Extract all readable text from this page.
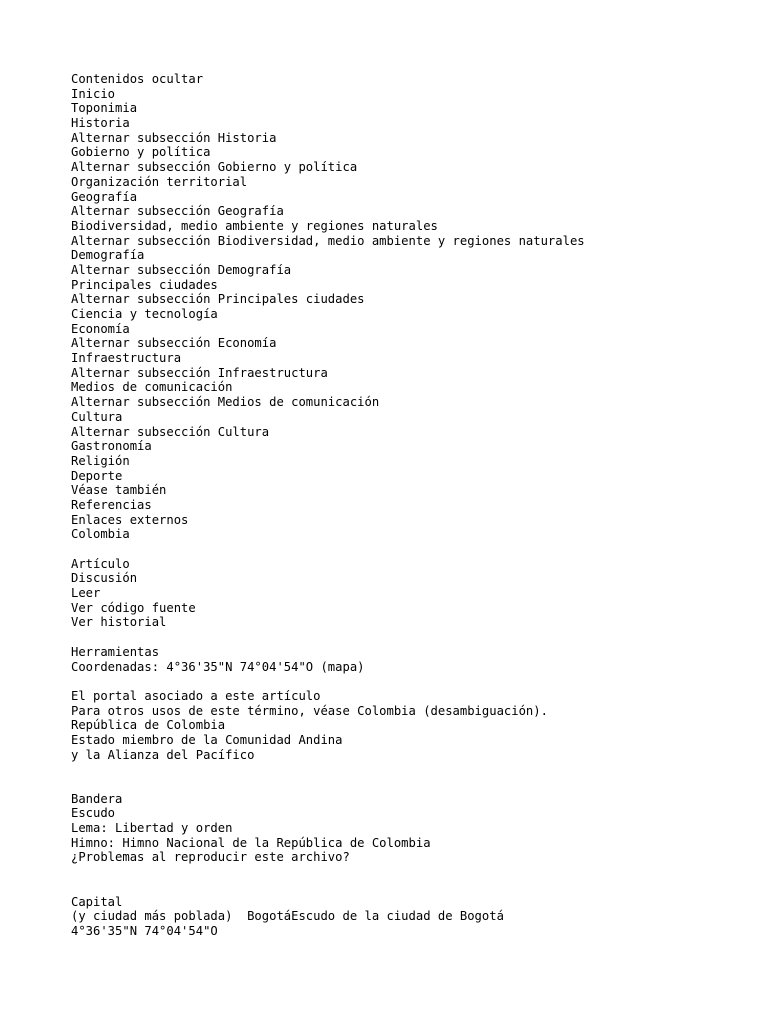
Contenidos ocultar
Inicio
Toponimia
Historia
Alternar subsección Historia
Gobierno y política
Alternar subsección Gobierno y política
Organización territorial
Geografía
Alternar subsección Geografía
Biodiversidad, medio ambiente y regiones naturales
Alternar subsección Biodiversidad, medio ambiente y regiones naturales
Demografía
Alternar subsección Demografía
Principales ciudades
Alternar subsección Principales ciudades
Ciencia y tecnología
Economía
Alternar subsección Economía
Infraestructura
Alternar subsección Infraestructura
Medios de comunicación
Alternar subsección Medios de comunicación
Cultura
Alternar subsección Cultura
Gastronomía
Religión
Deporte
Véase también
Referencias
Enlaces externos
Colombia
Artículo
Discusión
Leer
Ver código fuente
Ver historial
Herramientas
Coordenadas: 4°36'35"N 74°04'54"O (mapa)
El portal asociado a este artículo
Para otros usos de este término, véase Colombia (desambiguación).
República de Colombia
Estado miembro de la Comunidad Andina
y la Alianza del Pacífico
Bandera
Escudo
Lema: Libertad y orden
Himno: Himno Nacional de la República de Colombia
¿Problemas al reproducir este archivo?
Capital
(y ciudad más poblada)  BogotáEscudo de la ciudad de Bogotá
4°36'35"N 74°04'54"O
